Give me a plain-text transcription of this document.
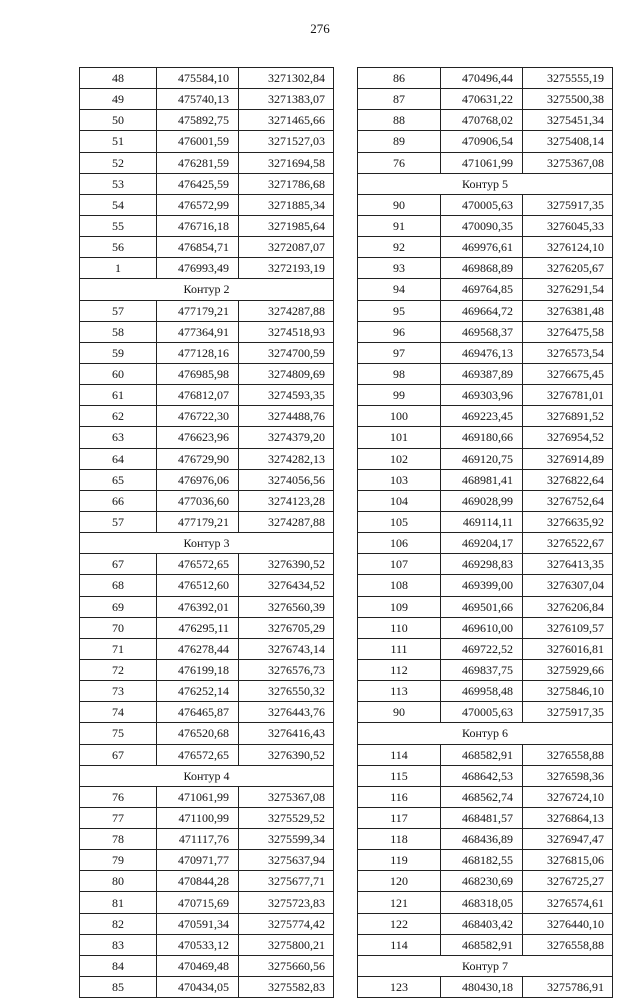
276
48	475584,10	3271302,84
49	475740,13	3271383,07
50	475892,75	3271465,66
51	476001,59	3271527,03
52	476281,59	3271694,58
53	476425,59	3271786,68
54	476572,99	3271885,34
55	476716,18	3271985,64
56	476854,71	3272087,07
1	476993,49	3272193,19
Контур 2		
57	477179,21	3274287,88
58	477364,91	3274518,93
59	477128,16	3274700,59
60	476985,98	3274809,69
61	476812,07	3274593,35
62	476722,30	3274488,76
63	476623,96	3274379,20
64	476729,90	3274282,13
65	476976,06	3274056,56
66	477036,60	3274123,28
57	477179,21	3274287,88
Контур 3		
67	476572,65	3276390,52
68	476512,60	3276434,52
69	476392,01	3276560,39
70	476295,11	3276705,29
71	476278,44	3276743,14
72	476199,18	3276576,73
73	476252,14	3276550,32
74	476465,87	3276443,76
75	476520,68	3276416,43
67	476572,65	3276390,52
Контур 4		
76	471061,99	3275367,08
77	471100,99	3275529,52
78	471117,76	3275599,34
79	470971,77	3275637,94
80	470844,28	3275677,71
81	470715,69	3275723,83
82	470591,34	3275774,42
83	470533,12	3275800,21
84	470469,48	3275660,56
85	470434,05	3275582,83
86	470496,44	3275555,19
87	470631,22	3275500,38
88	470768,02	3275451,34
89	470906,54	3275408,14
76	471061,99	3275367,08
Контур 5		
90	470005,63	3275917,35
91	470090,35	3276045,33
92	469976,61	3276124,10
93	469868,89	3276205,67
94	469764,85	3276291,54
95	469664,72	3276381,48
96	469568,37	3276475,58
97	469476,13	3276573,54
98	469387,89	3276675,45
99	469303,96	3276781,01
100	469223,45	3276891,52
101	469180,66	3276954,52
102	469120,75	3276914,89
103	468981,41	3276822,64
104	469028,99	3276752,64
105	469114,11	3276635,92
106	469204,17	3276522,67
107	469298,83	3276413,35
108	469399,00	3276307,04
109	469501,66	3276206,84
110	469610,00	3276109,57
111	469722,52	3276016,81
112	469837,75	3275929,66
113	469958,48	3275846,10
90	470005,63	3275917,35
Контур 6		
114	468582,91	3276558,88
115	468642,53	3276598,36
116	468562,74	3276724,10
117	468481,57	3276864,13
118	468436,89	3276947,47
119	468182,55	3276815,06
120	468230,69	3276725,27
121	468318,05	3276574,61
122	468403,42	3276440,10
114	468582,91	3276558,88
Контур 7		
123	480430,18	3275786,91
